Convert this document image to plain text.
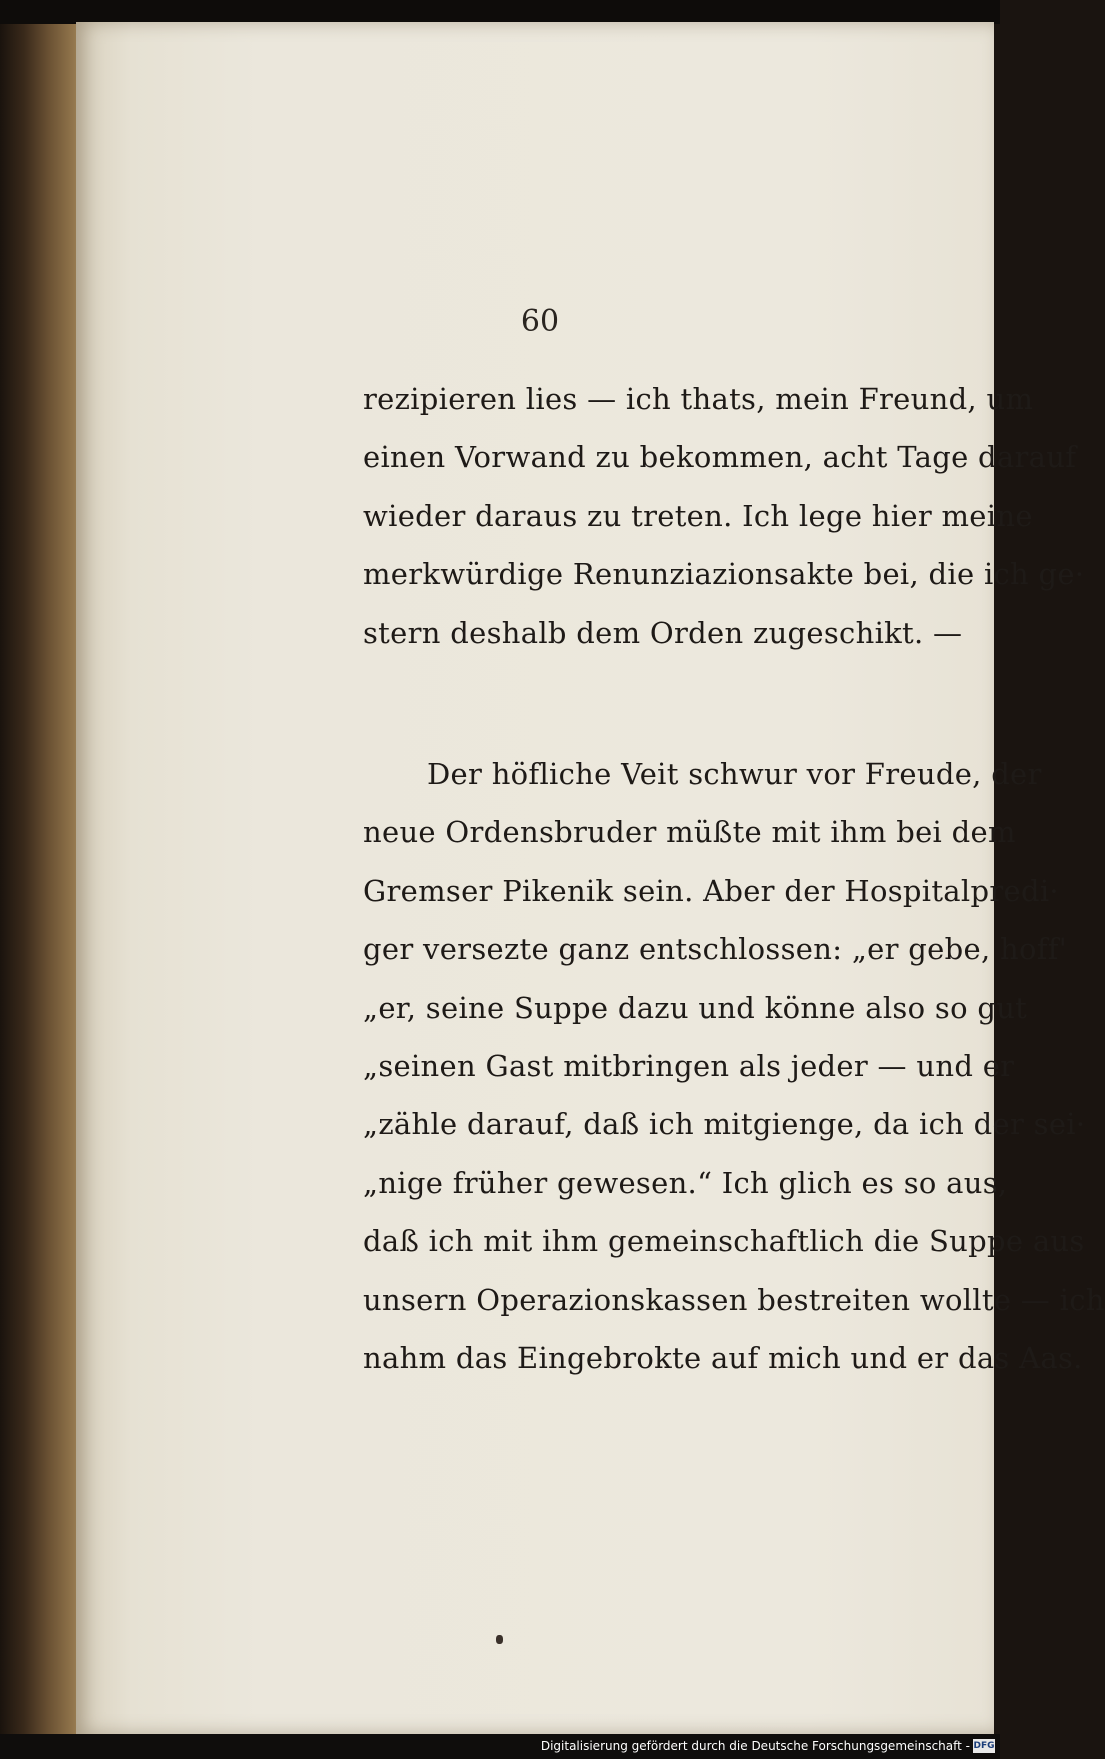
60
rezipieren lies — ich thats, mein Freund, um
einen Vorwand zu bekommen, acht Tage darauf
wieder daraus zu treten. Ich lege hier meine
merkwürdige Renunziazionsakte bei, die ich ge·
stern deshalb dem Orden zugeschikt. —
Der höfliche Veit schwur vor Freude, der
neue Ordensbruder müßte mit ihm bei dem
Gremser Pikenik sein. Aber der Hospitalpredi·
ger versezte ganz entschlossen: „er gebe, hoff'
„er, seine Suppe dazu und könne also so gut
„seinen Gast mitbringen als jeder — und er
„zähle darauf, daß ich mitgienge, da ich der sei·
„nige früher gewesen.“ Ich glich es so aus,
daß ich mit ihm gemeinschaftlich die Suppe aus
unsern Operazionskassen bestreiten wollte — ich
nahm das Eingebrokte auf mich und er das Aas.
Digitalisierung gefördert durch die Deutsche Forschungsgemeinschaft - DFG
